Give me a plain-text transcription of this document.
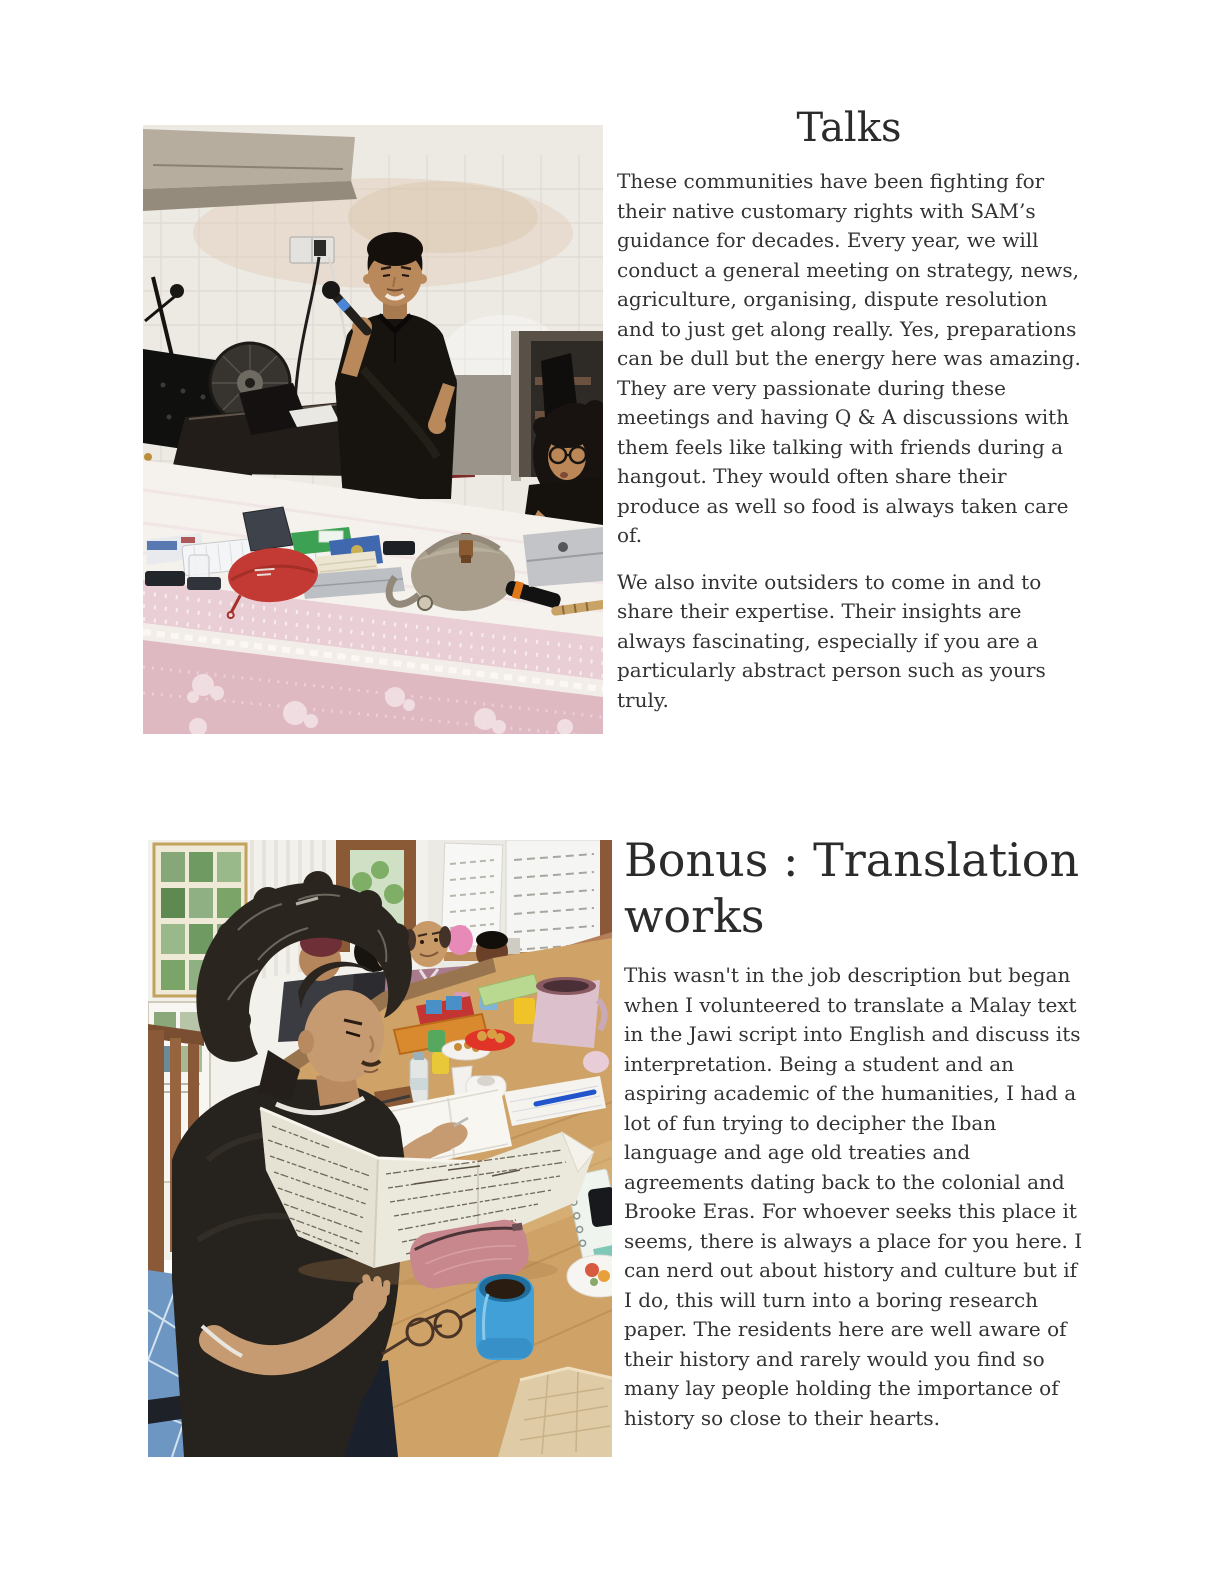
Talks

These communities have been fighting for their native customary rights with SAM’s guidance for decades. Every year, we will conduct a general meeting on strategy, news, agriculture, organising, dispute resolution and to just get along really. Yes, preparations can be dull but the energy here was amazing. They are very passionate during these meetings and having Q & A discussions with them feels like talking with friends during a hangout. They would often share their produce as well so food is always taken care of.

We also invite outsiders to come in and to share their expertise. Their insights are always fascinating, especially if you are a particularly abstract person such as yours truly.

Bonus : Translation works

This wasn't in the job description but began when I volunteered to translate a Malay text in the Jawi script into English and discuss its interpretation. Being a student and an aspiring academic of the humanities, I had a lot of fun trying to decipher the Iban language and age old treaties and agreements dating back to the colonial and Brooke Eras. For whoever seeks this place it seems, there is always a place for you here. I can nerd out about history and culture but if I do, this will turn into a boring research paper. The residents here are well aware of their history and rarely would you find so many lay people holding the importance of history so close to their hearts.
